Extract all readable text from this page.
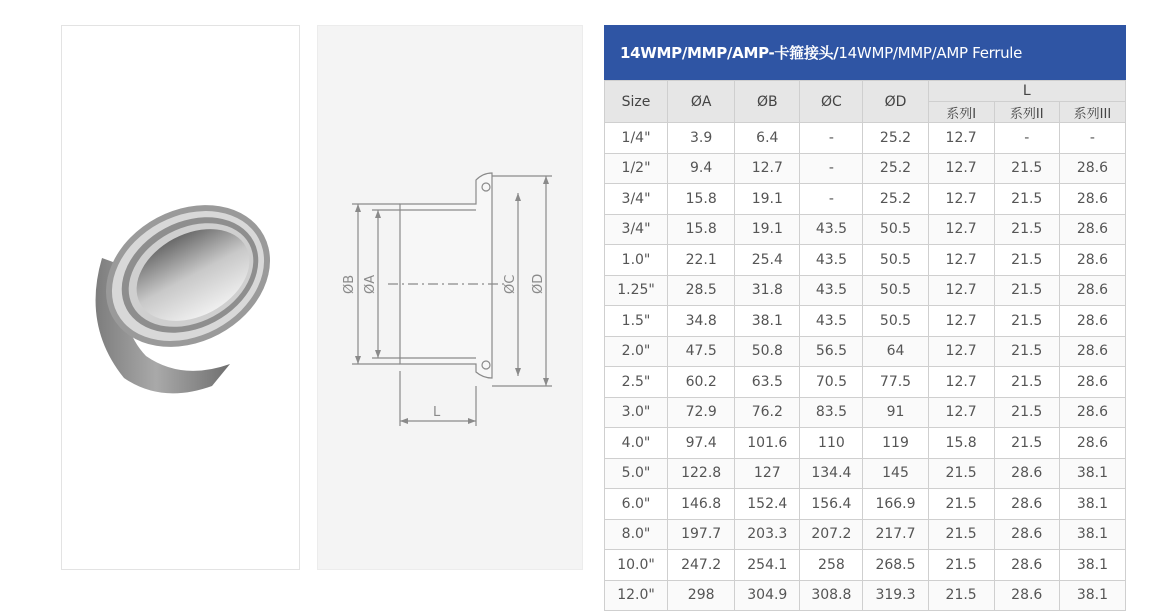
ØB ØA	ØC ØD
L
14WMP/MMP/AMP-卡箍接头/ 14WMP/MMP/AMP Ferrule
Size	ØA	ØB	ØC	ØD	L		
					系列I	系列II	系列III
1/4"	3.9	6.4	-	25.2	12.7	-	-
1/2"	9.4	12.7	-	25.2	12.7	21.5	28.6
3/4"	15.8	19.1	-	25.2	12.7	21.5	28.6
3/4"	15.8	19.1	43.5	50.5	12.7	21.5	28.6
1.0"	22.1	25.4	43.5	50.5	12.7	21.5	28.6
1.25"	28.5	31.8	43.5	50.5	12.7	21.5	28.6
1.5"	34.8	38.1	43.5	50.5	12.7	21.5	28.6
2.0"	47.5	50.8	56.5	64	12.7	21.5	28.6
2.5"	60.2	63.5	70.5	77.5	12.7	21.5	28.6
3.0"	72.9	76.2	83.5	91	12.7	21.5	28.6
4.0"	97.4	101.6	110	119	15.8	21.5	28.6
5.0"	122.8	127	134.4	145	21.5	28.6	38.1
6.0"	146.8	152.4	156.4	166.9	21.5	28.6	38.1
8.0"	197.7	203.3	207.2	217.7	21.5	28.6	38.1
10.0"	247.2	254.1	258	268.5	21.5	28.6	38.1
12.0"	298	304.9	308.8	319.3	21.5	28.6	38.1
